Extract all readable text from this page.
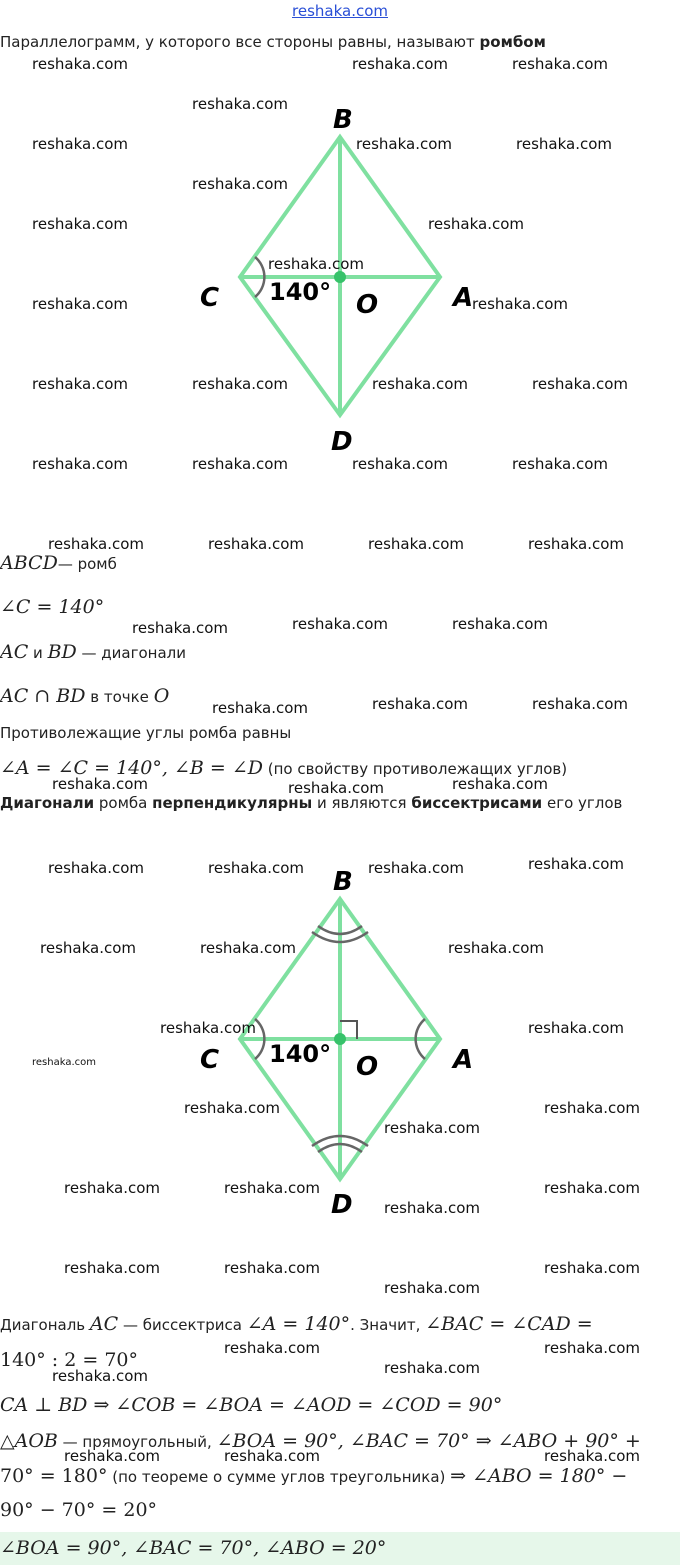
reshaka.com
Параллелограмм, у которого все стороны равны, называют ромбом
B
C	A
D
O
140°
B
C	A
D
O
140°
ABCD— ромб
∠C = 140°
AC и BD — диагонали
AC ∩ BD в точке O
Противолежащие углы ромба равны
∠A = ∠C = 140°, ∠B = ∠D (по свойству противолежащих углов)
Диагонали ромба перпендикулярны и являются биссектрисами его углов
Диагональ AC — биссектриса ∠A = 140°. Значит, ∠BAC = ∠CAD =
140° : 2 = 70°
CA ⊥ BD ⇒ ∠COB = ∠BOA = ∠AOD = ∠COD = 90°
△AOB — прямоугольный, ∠BOA = 90°, ∠BAC = 70° ⇒ ∠ABO + 90° +
70° = 180° (по теореме о сумме углов треугольника) ⇒ ∠ABO = 180° −
90° − 70° = 20°
∠BOA = 90°, ∠BAC = 70°, ∠ABO = 20°
reshaka.com	reshaka.com	reshaka.com
reshaka.com
reshaka.com	reshaka.com	reshaka.com
reshaka.com
reshaka.com	reshaka.com
reshaka.com
reshaka.com	reshaka.com
reshaka.com	reshaka.com	reshaka.com	reshaka.com
reshaka.com	reshaka.com	reshaka.com	reshaka.com
reshaka.com	reshaka.com	reshaka.com	reshaka.com
reshaka.com	reshaka.com	reshaka.com
reshaka.com	reshaka.com	reshaka.com
reshaka.com	reshaka.com	reshaka.com
reshaka.com	reshaka.com	reshaka.com	reshaka.com
reshaka.com	reshaka.com	reshaka.com
reshaka.com	reshaka.com
reshaka.com
reshaka.com	reshaka.com
reshaka.com
reshaka.com	reshaka.com	reshaka.com
reshaka.com
reshaka.com	reshaka.com	reshaka.com
reshaka.com
reshaka.com
reshaka.com	reshaka.com
reshaka.com
reshaka.com	reshaka.com	reshaka.com
